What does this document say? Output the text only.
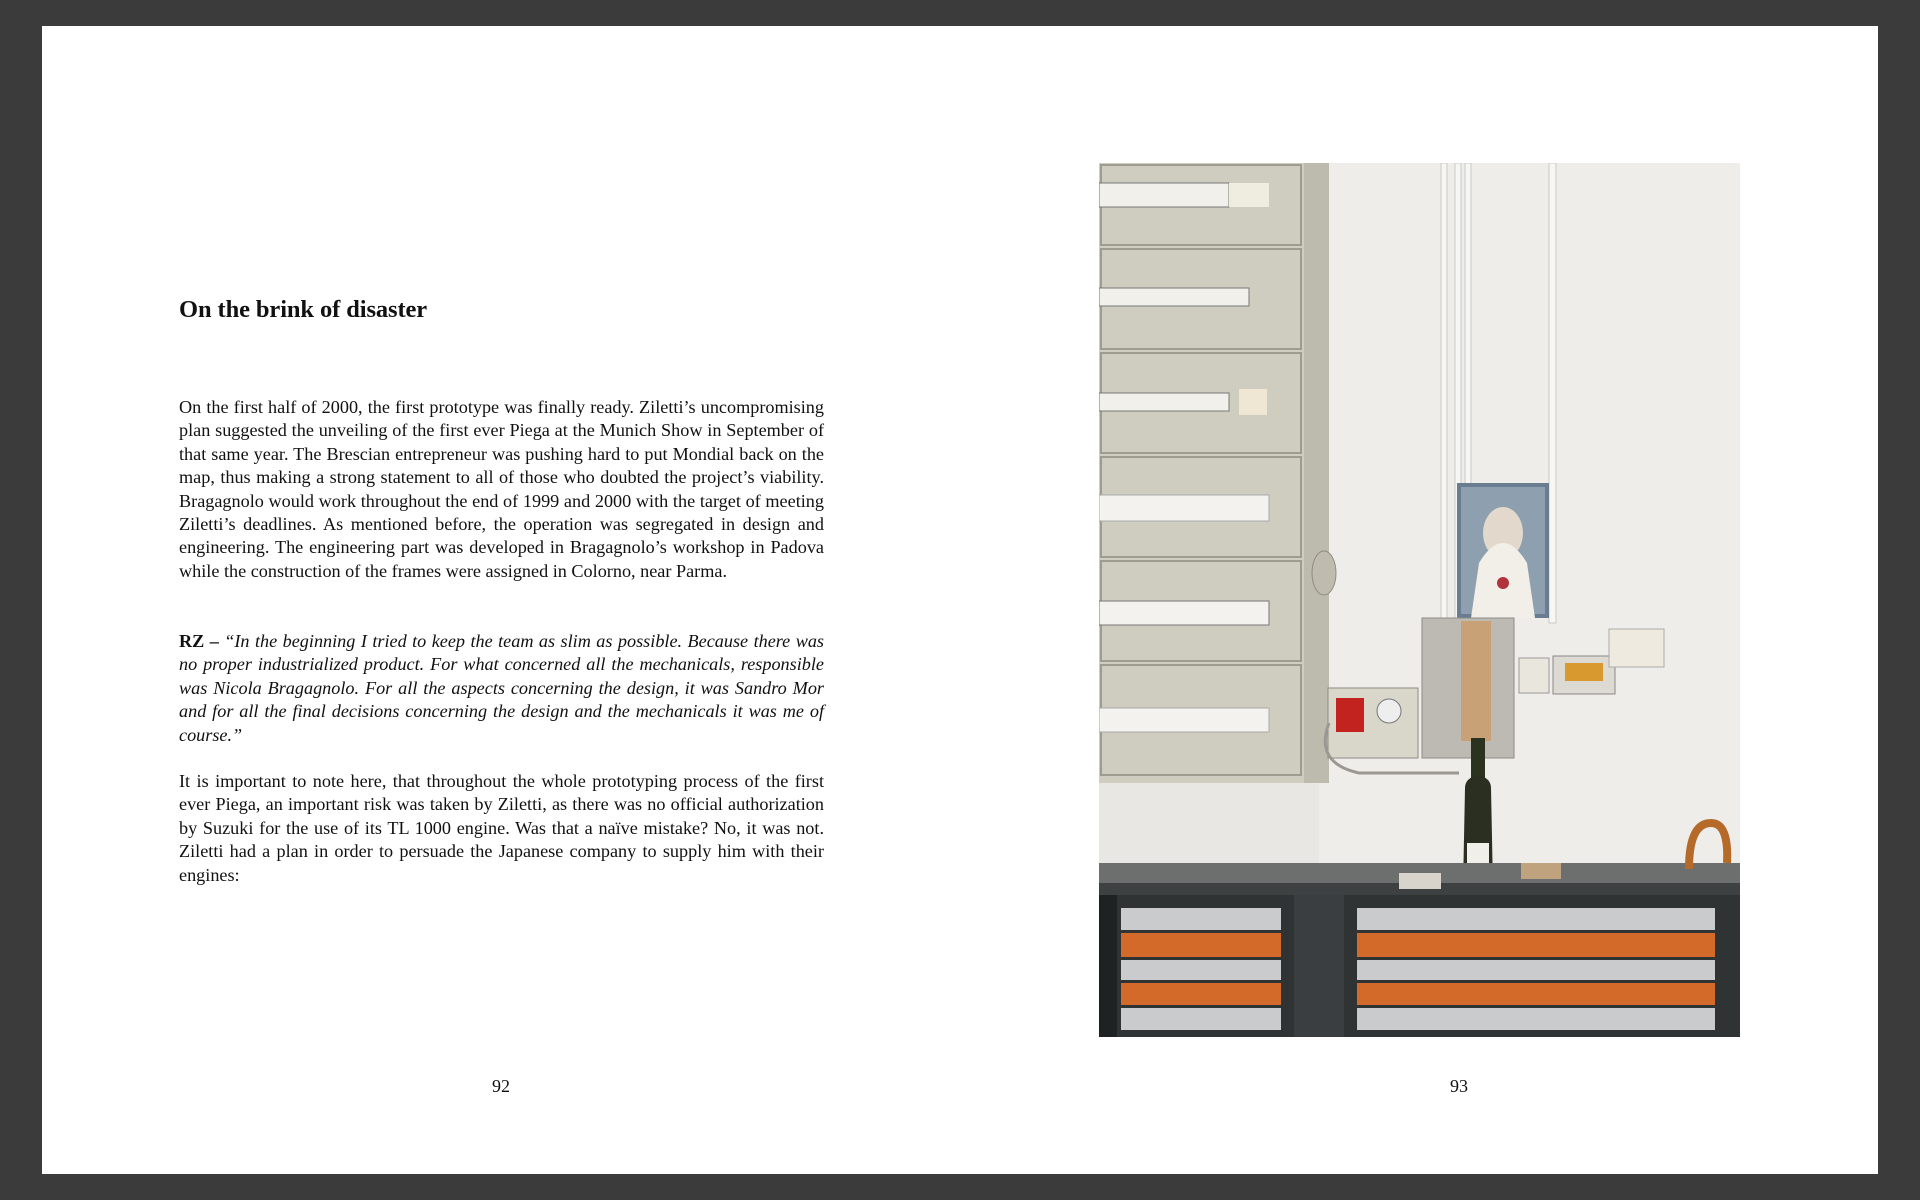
On the brink of disaster

On the first half of 2000, the first prototype was finally ready. Ziletti’s uncompromising plan suggested the unveiling of the first ever Piega at the Munich Show in September of that same year. The Brescian entrepreneur was pushing hard to put Mondial back on the map, thus making a strong statement to all of those who doubted the project’s viability. Bragagnolo would work throughout the end of 1999 and 2000 with the target of meeting Ziletti’s deadlines. As mentioned before, the operation was segregated in design and engineering. The engineering part was developed in Bragagnolo’s workshop in Padova while the construction of the frames were assigned in Colorno, near Parma.

RZ – “In the beginning I tried to keep the team as slim as possible. Because there was no proper industrialized product. For what concerned all the mechanicals, responsible was Nicola Bragagnolo. For all the aspects concerning the design, it was Sandro Mor and for all the final decisions concerning the design and the mechanicals it was me of course.”

It is important to note here, that throughout the whole prototyping process of the first ever Piega, an important risk was taken by Ziletti, as there was no official authorization by Suzuki for the use of its TL 1000 engine. Was that a naïve mistake? No, it was not. Ziletti had a plan in order to persuade the Japanese company to supply him with their engines:

92	93
